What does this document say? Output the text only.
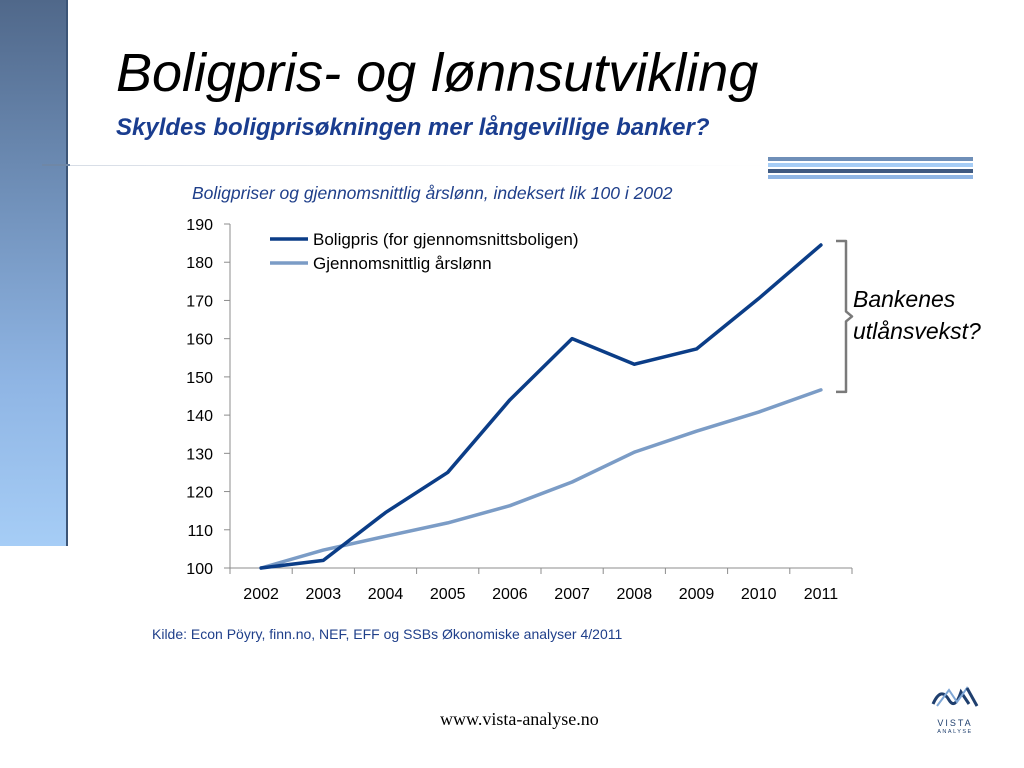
Boligpris- og lønnsutvikling
Skyldes boligprisøkningen mer långevillige banker?
Boligpriser og gjennomsnittlig årslønn, indeksert lik 100 i 2002
100
110
120
130
140
150
160
170
180
190
2002 2003 2004 2005 2006 2007 2008 2009 2010 2011
Boligpris (for gjennomsnittsboligen)
Gjennomsnittlig årslønn
Bankenes
utlånsvekst?
Kilde: Econ Pöyry, finn.no, NEF, EFF og SSBs Økonomiske analyser 4/2011
www.vista-analyse.no	VISTA
ANALYSE
